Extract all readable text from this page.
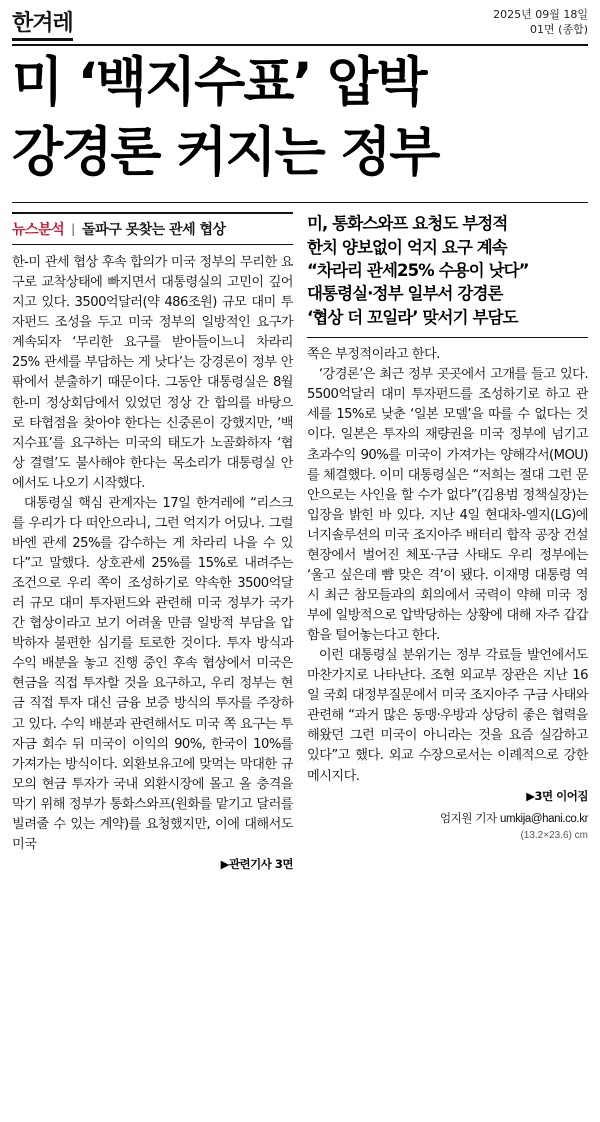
한겨레	2025년 09월 18일
01면 (종합)
미 ‘백지수표’ 압박
강경론 커지는 정부
뉴스분석 | 돌파구 못찾는 관세 협상

한-미 관세 협상 후속 합의가 미국 정부의 무리한 요구로 교착상태에 빠지면서 대통령실의 고민이 깊어지고 있다. 3500억달러(약 486조원) 규모 대미 투자펀드 조성을 두고 미국 정부의 일방적인 요구가 계속되자 ‘무리한 요구를 받아들이느니 차라리 25% 관세를 부담하는 게 낫다’는 강경론이 정부 안팎에서 분출하기 때문이다. 그동안 대통령실은 8월 한-미 정상회담에서 있었던 정상 간 합의를 바탕으로 타협점을 찾아야 한다는 신중론이 강했지만, ‘백지수표’를 요구하는 미국의 태도가 노골화하자 ‘협상 결렬’도 불사해야 한다는 목소리가 대통령실 안에서도 나오기 시작했다.

대통령실 핵심 관계자는 17일 한겨레에 “리스크를 우리가 다 떠안으라니, 그런 억지가 어딨나. 그럴 바엔 관세 25%를 감수하는 게 차라리 나을 수 있다”고 말했다. 상호관세 25%를 15%로 내려주는 조건으로 우리 쪽이 조성하기로 약속한 3500억달러 규모 대미 투자펀드와 관련해 미국 정부가 국가 간 협상이라고 보기 어려울 만큼 일방적 부담을 압박하자 불편한 심기를 토로한 것이다. 투자 방식과 수익 배분을 놓고 진행 중인 후속 협상에서 미국은 현금을 직접 투자할 것을 요구하고, 우리 정부는 현금 직접 투자 대신 금융 보증 방식의 투자를 주장하고 있다. 수익 배분과 관련해서도 미국 쪽 요구는 투자금 회수 뒤 미국이 이익의 90%, 한국이 10%를 가져가는 방식이다. 외환보유고에 맞먹는 막대한 규모의 현금 투자가 국내 외환시장에 몰고 올 충격을 막기 위해 정부가 통화스와프(원화를 맡기고 달러를 빌려줄 수 있는 계약)를 요청했지만, 이에 대해서도 미국

▶관련기사 3면
미, 통화스와프 요청도 부정적
한치 양보없이 억지 요구 계속
“차라리 관세25% 수용이 낫다”
대통령실·정부 일부서 강경론
‘협상 더 꼬일라’ 맞서기 부담도

쪽은 부정적이라고 한다.

‘강경론’은 최근 정부 곳곳에서 고개를 들고 있다. 5500억달러 대미 투자펀드를 조성하기로 하고 관세를 15%로 낮춘 ‘일본 모델’을 따를 수 없다는 것이다. 일본은 투자의 재량권을 미국 정부에 넘기고 초과수익 90%를 미국이 가져가는 양해각서(MOU)를 체결했다. 이미 대통령실은 “저희는 절대 그런 문안으로는 사인을 할 수가 없다”(김용범 정책실장)는 입장을 밝힌 바 있다. 지난 4일 현대차-엘지(LG)에너지솔루션의 미국 조지아주 배터리 합작 공장 건설 현장에서 벌어진 체포·구금 사태도 우리 정부에는 ‘울고 싶은데 뺨 맞은 격’이 됐다. 이재명 대통령 역시 최근 참모들과의 회의에서 국력이 약해 미국 정부에 일방적으로 압박당하는 상황에 대해 자주 갑갑함을 털어놓는다고 한다.

이런 대통령실 분위기는 정부 각료들 발언에서도 마찬가지로 나타난다. 조현 외교부 장관은 지난 16일 국회 대정부질문에서 미국 조지아주 구금 사태와 관련해 “과거 많은 동맹·우방과 상당히 좋은 협력을 해왔던 그런 미국이 아니라는 것을 요즘 실감하고 있다”고 했다. 외교 수장으로서는 이례적으로 강한 메시지다.

▶3면 이어짐
엄지원 기자 umkija@hani.co.kr
(13.2×23.6) cm
